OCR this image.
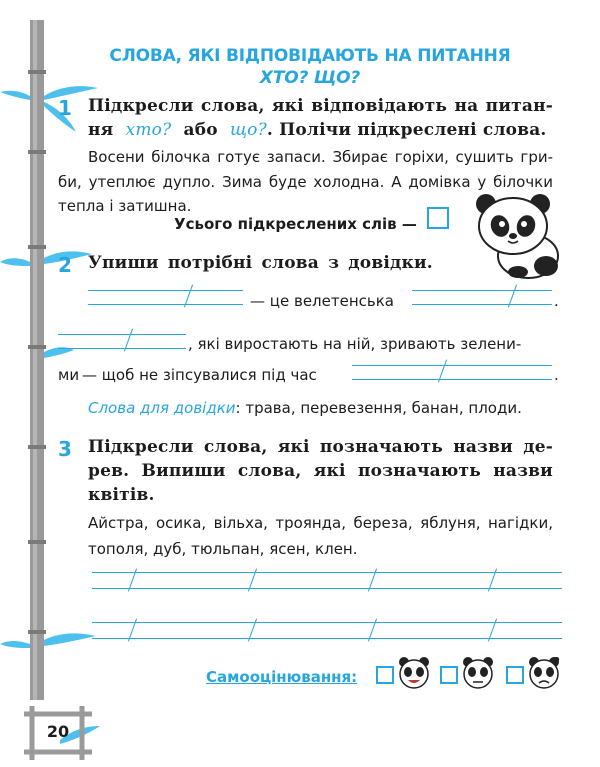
20
СЛОВА, ЯКІ ВІДПОВІДАЮТЬ НА ПИТАННЯ
ХТО? ЩО?
1 Підкресли слова, які відповідають на питан-
ня хто? або що?. Полічи підкреслені слова.
Восени білочка готує запаси. Збирає горіхи, сушить гри-
би, утеплює дупло. Зима буде холодна. А домівка у білочки
тепла і затишна.
Усього підкреслених слів —
2 Упиши потрібні слова з довідки.
— це велетенська	.
, які виростають на ній, зривають зелени-
ми — щоб не зіпсувалися під час	.
Слова для довідки: трава, перевезення, банан, плоди.
3 Підкресли слова, які позначають назви де-
рев. Випиши слова, які позначають назви
квітів.
Айстра, осика, вільха, троянда, береза, яблуня, нагідки,
тополя, дуб, тюльпан, ясен, клен.
Самооцінювання:
?
